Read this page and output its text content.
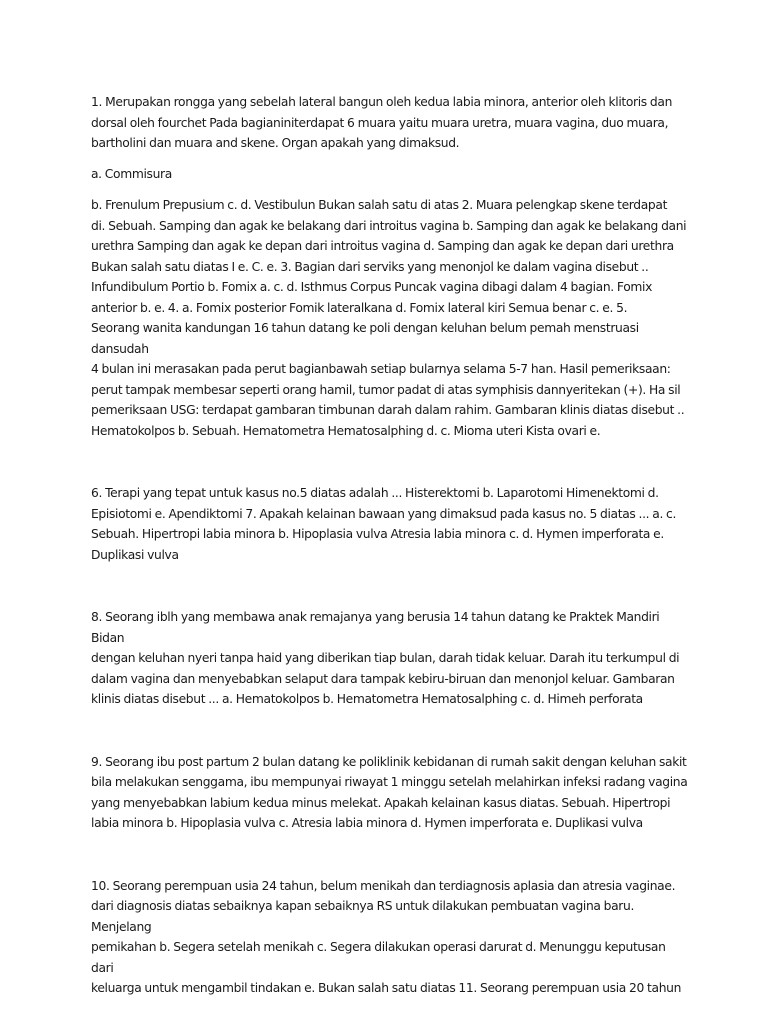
1. Merupakan rongga yang sebelah lateral bangun oleh kedua labia minora, anterior oleh klitoris dan
dorsal oleh fourchet Pada bagianiniterdapat 6 muara yaitu muara uretra, muara vagina, duo muara,
bartholini dan muara and skene. Organ apakah yang dimaksud.

a. Commisura

b. Frenulum Prepusium c. d. Vestibulun Bukan salah satu di atas 2. Muara pelengkap skene terdapat
di. Sebuah. Samping dan agak ke belakang dari introitus vagina b. Samping dan agak ke belakang dani
urethra Samping dan agak ke depan dari introitus vagina d. Samping dan agak ke depan dari urethra
Bukan salah satu diatas I e. C. e. 3. Bagian dari serviks yang menonjol ke dalam vagina disebut ..
Infundibulum Portio b. Fomix a. c. d. Isthmus Corpus Puncak vagina dibagi dalam 4 bagian. Fomix
anterior b. e. 4. a. Fomix posterior Fomik lateralkana d. Fomix lateral kiri Semua benar c. e. 5.
Seorang wanita kandungan 16 tahun datang ke poli dengan keluhan belum pemah menstruasi dansudah
4 bulan ini merasakan pada perut bagianbawah setiap bularnya selama 5-7 han. Hasil pemeriksaan:
perut tampak membesar seperti orang hamil, tumor padat di atas symphisis dannyeritekan (+). Ha sil
pemeriksaan USG: terdapat gambaran timbunan darah dalam rahim. Gambaran klinis diatas disebut ..
Hematokolpos b. Sebuah. Hematometra Hematosalphing d. c. Mioma uteri Kista ovari e.

6. Terapi yang tepat untuk kasus no.5 diatas adalah ... Histerektomi b. Laparotomi Himenektomi d.
Episiotomi e. Apendiktomi 7. Apakah kelainan bawaan yang dimaksud pada kasus no. 5 diatas ... a. c.
Sebuah. Hipertropi labia minora b. Hipoplasia vulva Atresia labia minora c. d. Hymen imperforata e.
Duplikasi vulva

8. Seorang iblh yang membawa anak remajanya yang berusia 14 tahun datang ke Praktek Mandiri Bidan
dengan keluhan nyeri tanpa haid yang diberikan tiap bulan, darah tidak keluar. Darah itu terkumpul di
dalam vagina dan menyebabkan selaput dara tampak kebiru-biruan dan menonjol keluar. Gambaran
klinis diatas disebut ... a. Hematokolpos b. Hematometra Hematosalphing c. d. Himeh perforata

9. Seorang ibu post partum 2 bulan datang ke poliklinik kebidanan di rumah sakit dengan keluhan sakit
bila melakukan senggama, ibu mempunyai riwayat 1 minggu setelah melahirkan infeksi radang vagina
yang menyebabkan labium kedua minus melekat. Apakah kelainan kasus diatas. Sebuah. Hipertropi
labia minora b. Hipoplasia vulva c. Atresia labia minora d. Hymen imperforata e. Duplikasi vulva

10. Seorang perempuan usia 24 tahun, belum menikah dan terdiagnosis aplasia dan atresia vaginae.
dari diagnosis diatas sebaiknya kapan sebaiknya RS untuk dilakukan pembuatan vagina baru. Menjelang
pemikahan b. Segera setelah menikah c. Segera dilakukan operasi darurat d. Menunggu keputusan dari
keluarga untuk mengambil tindakan e. Bukan salah satu diatas 11. Seorang perempuan usia 20 tahun
